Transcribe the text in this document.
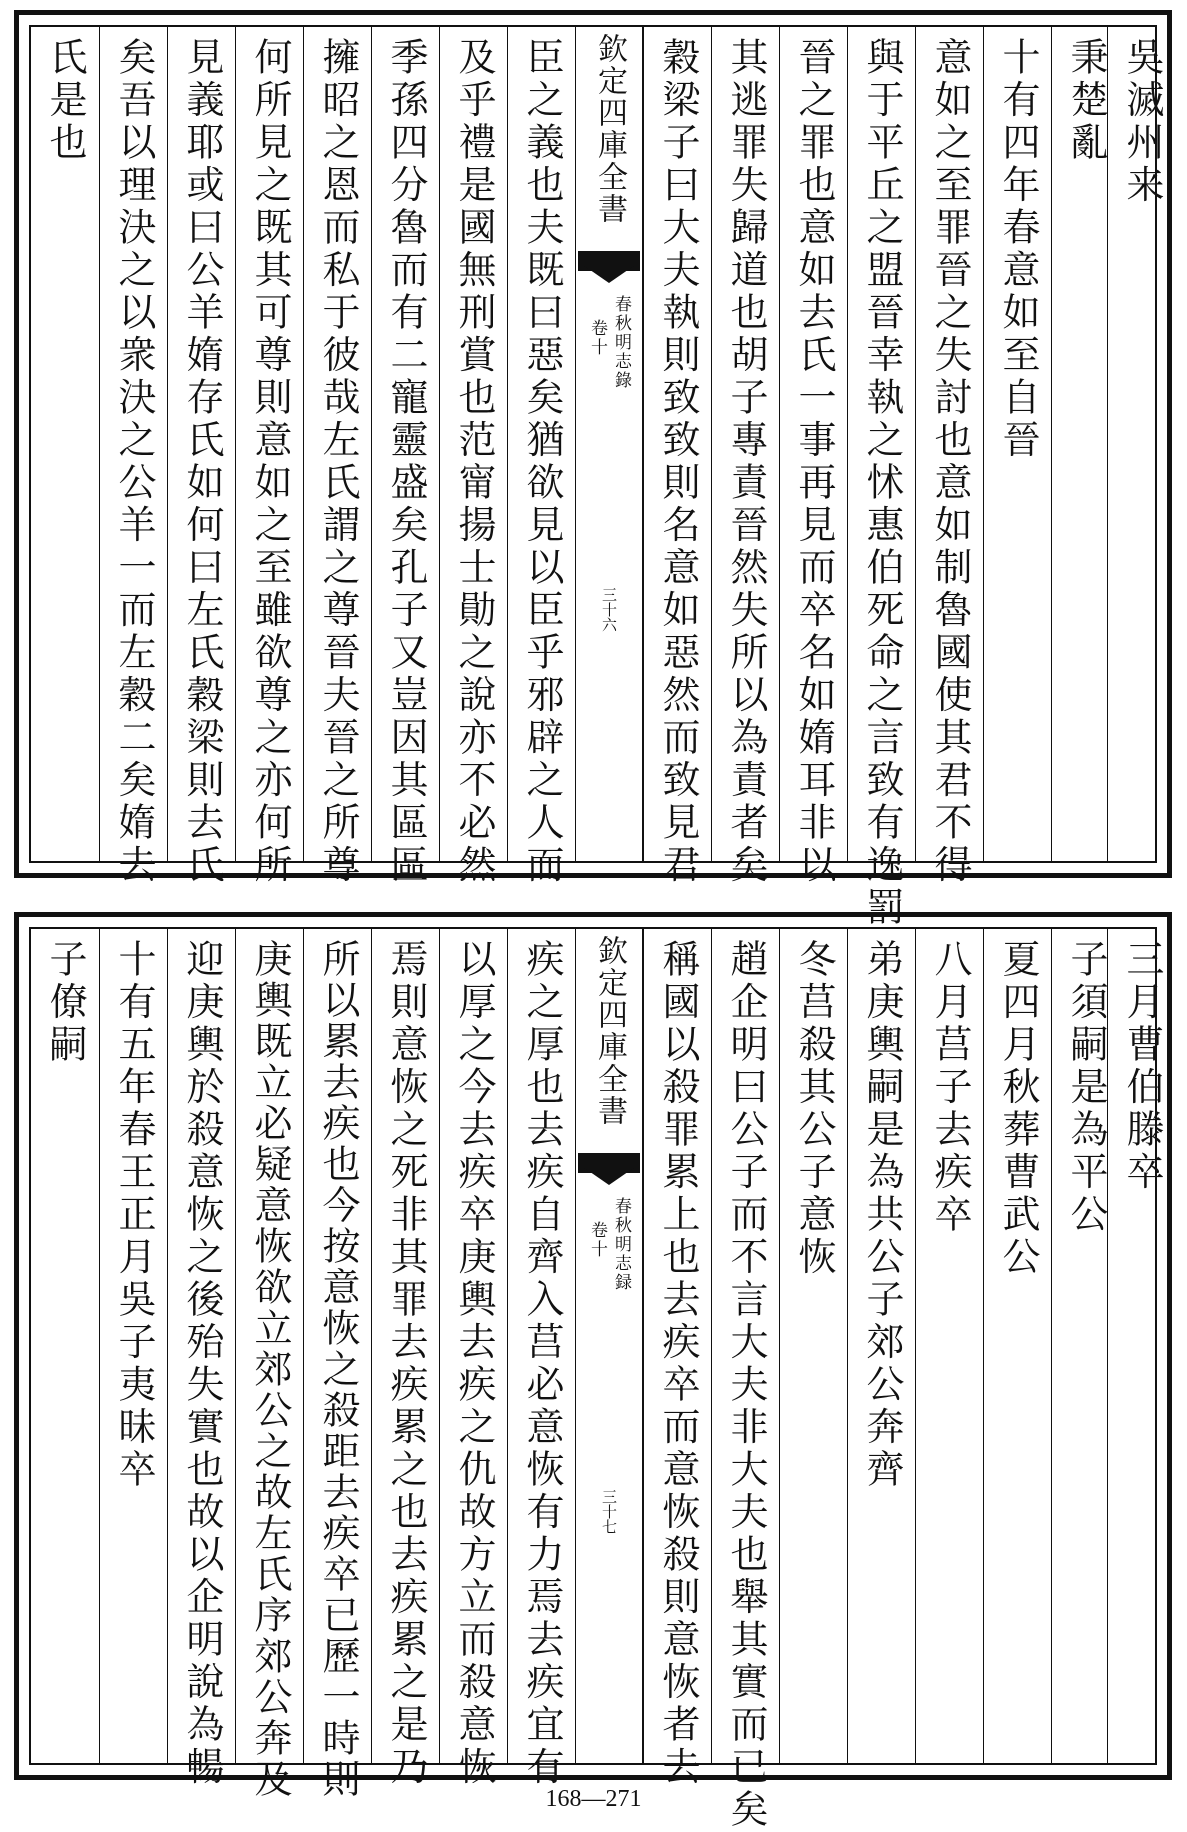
氏是也 矣吾以理決之以衆決之公羊一而左穀二矣媠去 見義耶或曰公羊媠存氏如何曰左氏穀梁則去氏 何所見之既其可尊則意如之至雖欲尊之亦何所 擁昭之恩而私于彼哉左氏謂之尊晉夫晉之所尊 季孫四分魯而有二寵靈盛矣孔子又豈因其區區 及乎禮是國無刑賞也范甯揚士勛之說亦不必然 臣之義也夫既曰惡矣猶欲見以臣乎邪辟之人而 欽定四庫全書
春秋明志錄
卷十
三十六	穀梁子曰大夫執則致致則名意如惡然而致見君 其逃罪失歸道也胡子專責晉然失所以為責者矣 晉之罪也意如去氏一事再見而卒名如媠耳非以 與于平丘之盟晉幸執之怵惠伯死命之言致有逸罰 意如之至罪晉之失討也意如制魯國使其君不得 十有四年春意如至自晉 秉楚亂 吳滅州来
子僚嗣 十有五年春王正月吳子夷昧卒 迎庚輿於殺意恢之後殆失實也故以企明說為暢 庚輿既立必疑意恢欲立郊公之故左氏序郊公奔及 所以累去疾也今按意恢之殺距去疾卒已歷一時則 焉則意恢之死非其罪去疾累之也去疾累之是乃 以厚之今去疾卒庚輿去疾之仇故方立而殺意恢 疾之厚也去疾自齊入莒必意恢有力焉去疾宜有 欽定四庫全書
春秋明志録
卷十
三十七	稱國以殺罪累上也去疾卒而意恢殺則意恢者去 趙企明曰公子而不言大夫非大夫也舉其實而已矣 冬莒殺其公子意恢 弟庚輿嗣是為共公子郊公奔齊 八月莒子去疾卒 夏四月秋葬曹武公 子須嗣是為平公 三月曹伯滕卒
168—271
